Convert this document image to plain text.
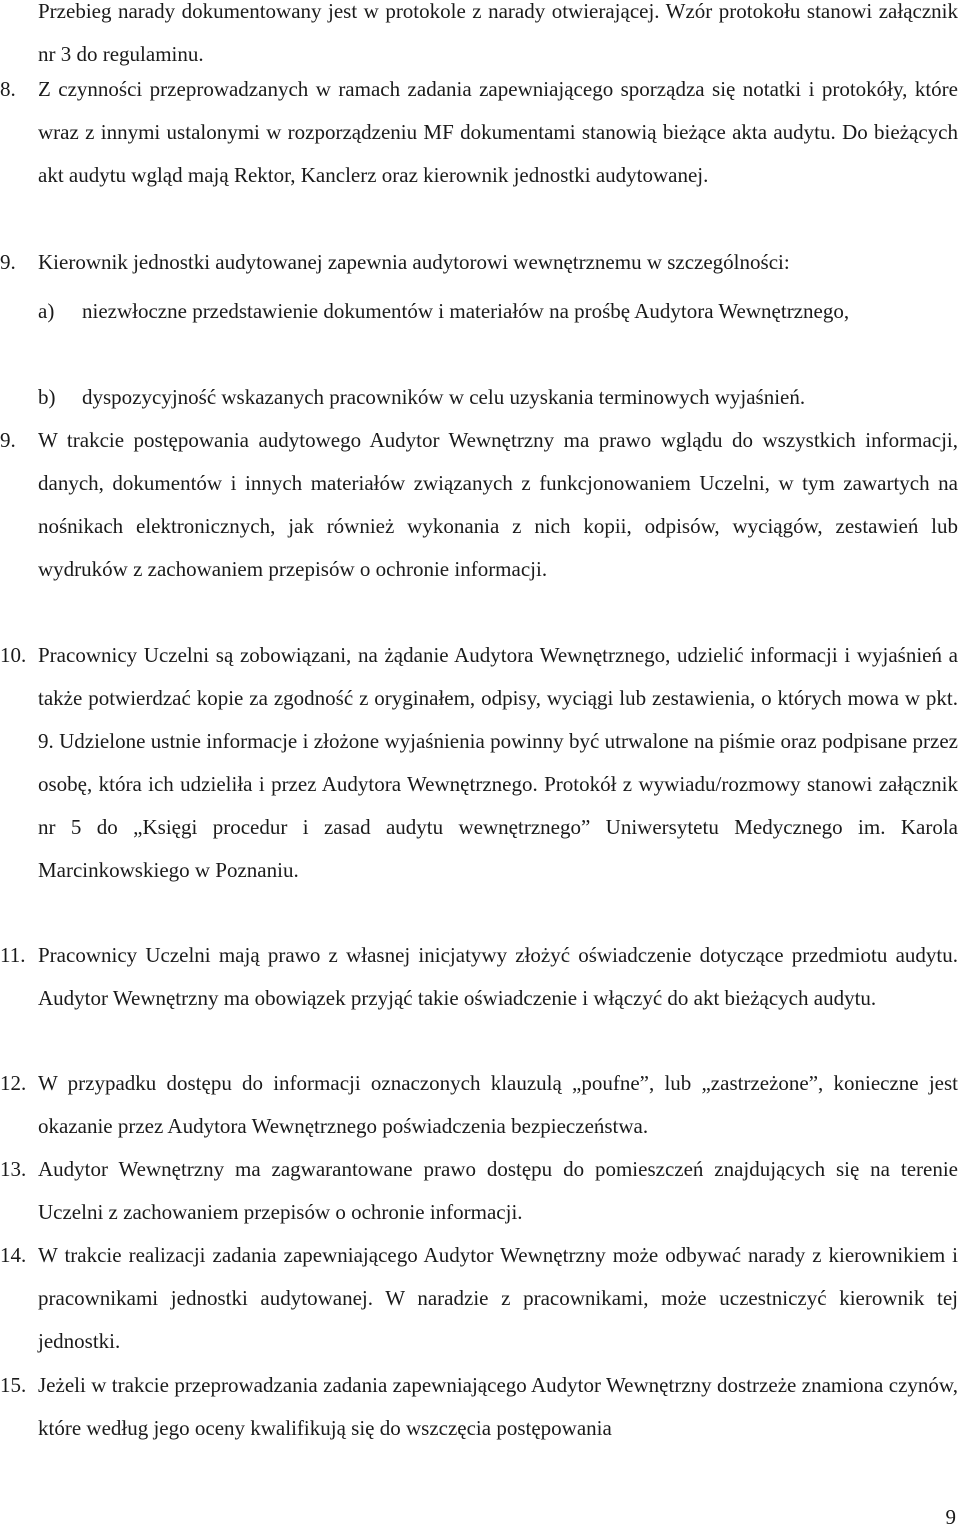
Przebieg narady dokumentowany jest w protokole z narady otwierającej. Wzór protokołu stanowi załącznik nr 3 do regulaminu.
8.	Z czynności przeprowadzanych w ramach zadania zapewniającego sporządza się notatki i protokóły, które wraz z innymi ustalonymi w rozporządzeniu MF dokumentami stanowią bieżące akta audytu. Do bieżących akt audytu wgląd mają Rektor, Kanclerz oraz kierownik jednostki audytowanej.
9.	Kierownik jednostki audytowanej zapewnia audytorowi wewnętrznemu w szczególności:
a) niezwłoczne przedstawienie dokumentów i materiałów na prośbę Audytora Wewnętrznego,
b) dyspozycyjność wskazanych pracowników w celu uzyskania terminowych wyjaśnień.
9.	W trakcie postępowania audytowego Audytor Wewnętrzny ma prawo wglądu do wszystkich informacji, danych, dokumentów i innych materiałów związanych z funkcjonowaniem Uczelni, w tym zawartych na nośnikach elektronicznych, jak również wykonania z nich kopii, odpisów, wyciągów, zestawień lub wydruków z zachowaniem przepisów o ochronie informacji.
10. Pracownicy Uczelni są zobowiązani, na żądanie Audytora Wewnętrznego, udzielić informacji i wyjaśnień a także potwierdzać kopie za zgodność z oryginałem, odpisy, wyciągi lub zestawienia, o których mowa w pkt. 9. Udzielone ustnie informacje i złożone wyjaśnienia powinny być utrwalone na piśmie oraz podpisane przez osobę, która ich udzieliła i przez Audytora Wewnętrznego. Protokół z wywiadu/rozmowy stanowi załącznik nr 5 do „Księgi procedur i zasad audytu wewnętrznego” Uniwersytetu Medycznego im. Karola Marcinkowskiego w Poznaniu.
11. Pracownicy Uczelni mają prawo z własnej inicjatywy złożyć oświadczenie dotyczące przedmiotu audytu. Audytor Wewnętrzny ma obowiązek przyjąć takie oświadczenie i włączyć do akt bieżących audytu.
12. W przypadku dostępu do informacji oznaczonych klauzulą „poufne”, lub „zastrzeżone”, konieczne jest okazanie przez Audytora Wewnętrznego poświadczenia bezpieczeństwa.
13. Audytor Wewnętrzny ma zagwarantowane prawo dostępu do pomieszczeń znajdujących się na terenie Uczelni z zachowaniem przepisów o ochronie informacji.
14. W trakcie realizacji zadania zapewniającego Audytor Wewnętrzny może odbywać narady z kierownikiem i pracownikami jednostki audytowanej. W naradzie z pracownikami, może uczestniczyć kierownik tej jednostki.
15. Jeżeli w trakcie przeprowadzania zadania zapewniającego Audytor Wewnętrzny dostrzeże znamiona czynów, które według jego oceny kwalifikują się do wszczęcia postępowania
9
